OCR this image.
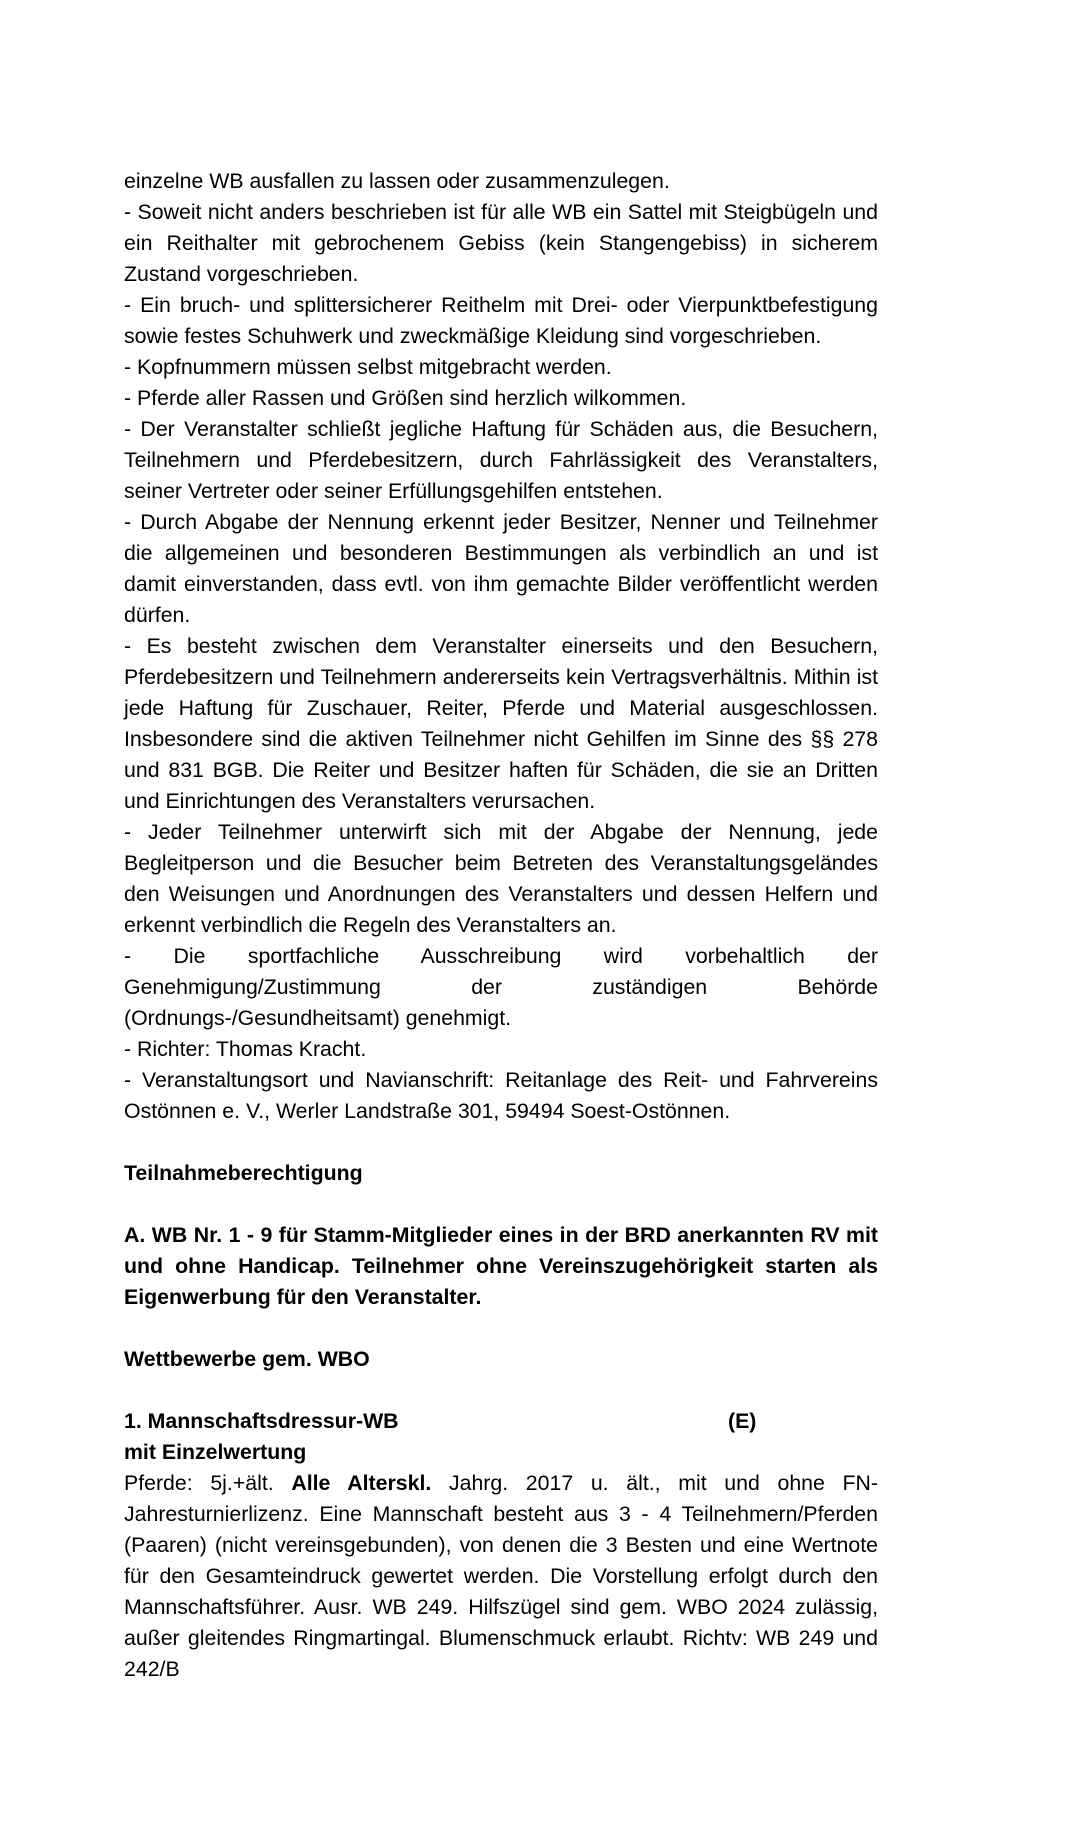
einzelne WB ausfallen zu lassen oder zusammenzulegen.

- Soweit nicht anders beschrieben ist für alle WB ein Sattel mit Steigbügeln und ein Reithalter mit gebrochenem Gebiss (kein Stangengebiss) in sicherem Zustand vorgeschrieben.

- Ein bruch- und splittersicherer Reithelm mit Drei- oder Vierpunktbefestigung sowie festes Schuhwerk und zweckmäßige Kleidung sind vorgeschrieben.

- Kopfnummern müssen selbst mitgebracht werden.

- Pferde aller Rassen und Größen sind herzlich wilkommen.

- Der Veranstalter schließt jegliche Haftung für Schäden aus, die Besuchern, Teilnehmern und Pferdebesitzern, durch Fahrlässigkeit des Veranstalters, seiner Vertreter oder seiner Erfüllungsgehilfen entstehen.

- Durch Abgabe der Nennung erkennt jeder Besitzer, Nenner und Teilnehmer die allgemeinen und besonderen Bestimmungen als verbindlich an und ist damit einverstanden, dass evtl. von ihm gemachte Bilder veröffentlicht werden dürfen.

- Es besteht zwischen dem Veranstalter einerseits und den Besuchern, Pferdebesitzern und Teilnehmern andererseits kein Vertragsverhältnis. Mithin ist jede Haftung für Zuschauer, Reiter, Pferde und Material ausgeschlossen. Insbesondere sind die aktiven Teilnehmer nicht Gehilfen im Sinne des §§ 278 und 831 BGB. Die Reiter und Besitzer haften für Schäden, die sie an Dritten und Einrichtungen des Veranstalters verursachen.

- Jeder Teilnehmer unterwirft sich mit der Abgabe der Nennung, jede Begleitperson und die Besucher beim Betreten des Veranstaltungsgeländes den Weisungen und Anordnungen des Veranstalters und dessen Helfern und erkennt verbindlich die Regeln des Veranstalters an.

- Die sportfachliche Ausschreibung wird vorbehaltlich der Genehmigung/Zustimmung der zuständigen Behörde (Ordnungs-/Gesundheitsamt) genehmigt.

- Richter: Thomas Kracht.

- Veranstaltungsort und Navianschrift: Reitanlage des Reit- und Fahrvereins Ostönnen e. V., Werler Landstraße 301, 59494 Soest-Ostönnen.

Teilnahmeberechtigung

A. WB Nr. 1 - 9 für Stamm-Mitglieder eines in der BRD anerkannten RV mit und ohne Handicap. Teilnehmer ohne Vereinszugehörigkeit starten als Eigenwerbung für den Veranstalter.

Wettbewerbe gem. WBO

1. Mannschaftsdressur-WB	(E)

mit Einzelwertung

Pferde: 5j.+ält. Alle Alterskl. Jahrg. 2017 u. ält., mit und ohne FN-Jahresturnierlizenz. Eine Mannschaft besteht aus 3 - 4 Teilnehmern/Pferden (Paaren) (nicht vereinsgebunden), von denen die 3 Besten und eine Wertnote für den Gesamteindruck gewertet werden. Die Vorstellung erfolgt durch den Mannschaftsführer. Ausr. WB 249. Hilfszügel sind gem. WBO 2024 zulässig, außer gleitendes Ringmartingal. Blumenschmuck erlaubt. Richtv: WB 249 und 242/B
